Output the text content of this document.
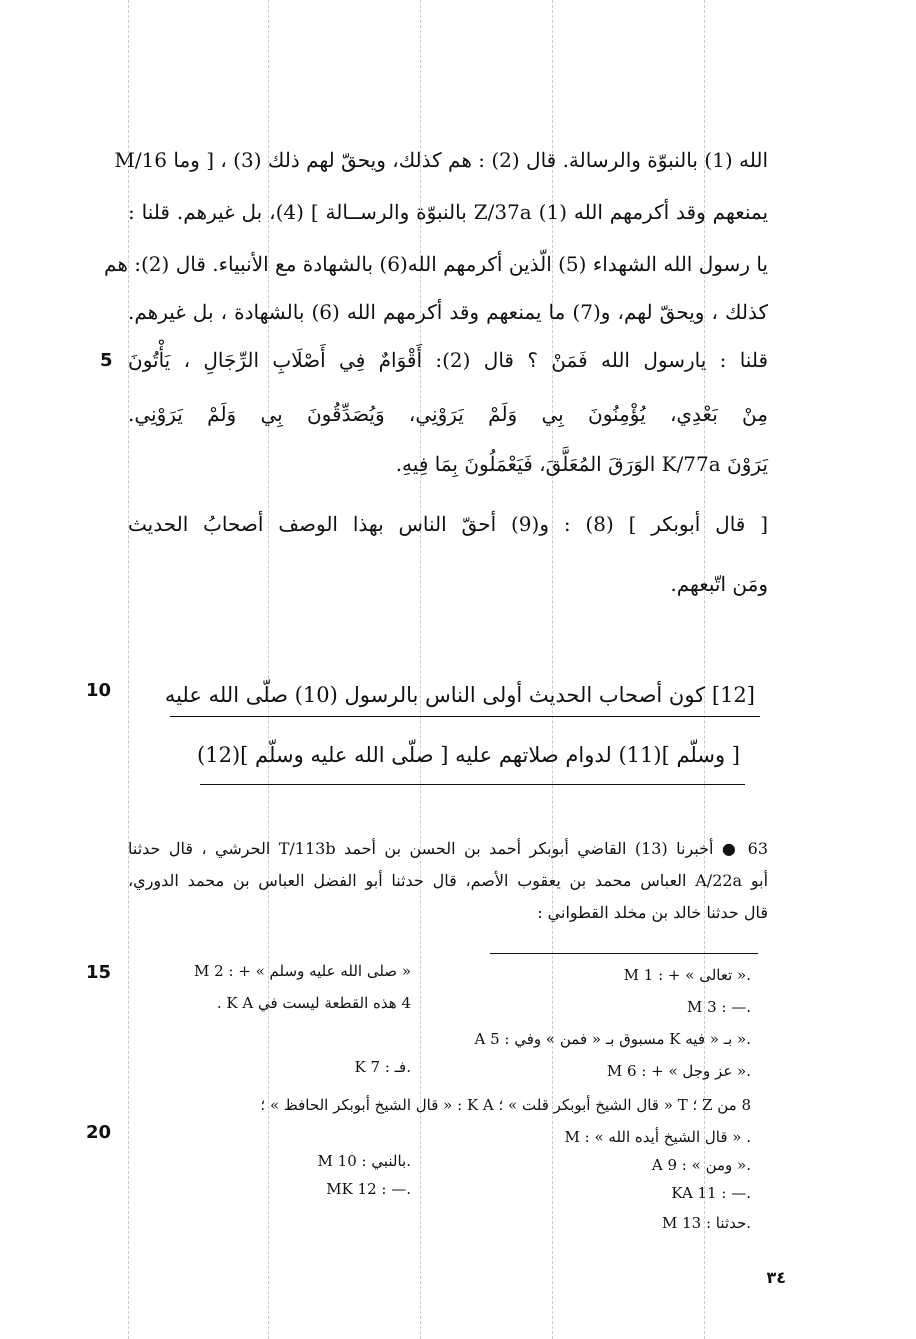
الله (1) بالنبوّة والرسالة. قال (2) : هم كذلك، ويحقّ لهم ذلك (3) ، [ وما M/16
يمنعهم وقد أكرمهم الله (1) Z/37a بالنبوّة والرســالة ] (4)، بل غيرهم. قلنا :
يا رسول الله الشهداء (5) الّذين أكرمهم الله(6) بالشهادة مع الأنبياء. قال (2): هم
كذلك ، ويحقّ لهم، و(7) ما يمنعهم وقد أكرمهم الله (6) بالشهادة ، بل غيرهم.
قلنا : يارسول الله فَمَنْ ؟ قال (2): أَقْوَامٌ فِي أَصْلَابِ الرِّجَالِ ، يَأْتُونَ
مِنْ بَعْدِي، يُؤْمِنُونَ بِي وَلَمْ يَرَوْنِي، وَيُصَدِّقُونَ بِي وَلَمْ يَرَوْنِي.
يَرَوْنَ K/77a الوَرَقَ المُعَلَّقَ، فَيَعْمَلُونَ بِمَا فِيهِ.
[ قال أبوبكر ] (8) : و(9) أحقّ الناس بهذا الوصف أصحابُ الحديث
ومَن اتّبعهم.
5
[12] كون أصحاب الحديث أولى الناس بالرسول (10) صلّى الله عليه
[ وسلّم ](11) لدوام صلاتهم عليه [ صلّى الله عليه وسلّم ](12)
10
63 ● أخبرنا (13) القاضي أبوبكر أحمد بن الحسن بن أحمد T/113b الحرشي ، قال حدثنا
أبو A/22a العباس محمد بن يعقوب الأصم، قال حدثنا أبو الفضل العباس بن محمد الدوري،
قال حدثنا خالد بن مخلد القطواني :
15
20
M 1 : + « تعالى ».
M 2 : + « صلى الله عليه وسلم »
M 3 : —.
4 هذه القطعة ليست في K A .
A 5 : مسبوق بـ « فمن » وفي K بـ « فيه ».
M 6 : + « عز وجل ».
K 7 : فـ.
8 من Z ؛ T « قال الشيخ أبوبكر قلت » ؛ K A : « قال الشيخ أبوبكر الحافظ » ؛
M : « قال الشيخ أيده الله » .
A 9 : « ومن ».
M 10 : بالنبي.
KA 11 : —.
MK 12 : —.
M 13 : حدثنا.
٣٤
